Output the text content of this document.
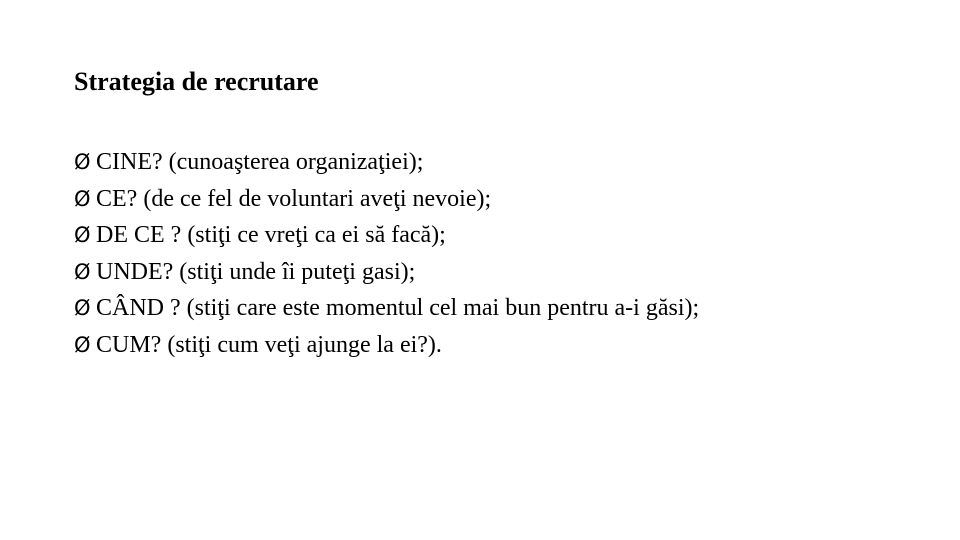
Strategia de recrutare
Ø CINE? (cunoaşterea organizaţiei);
Ø CE? (de ce fel de voluntari aveţi nevoie);
Ø DE CE ? (stiţi ce vreţi ca ei să facă);
Ø UNDE? (stiţi unde îi puteţi gasi);
Ø CÂND ? (stiţi care este momentul cel mai bun pentru a-i găsi);
Ø CUM? (stiţi cum veţi ajunge la ei?).
